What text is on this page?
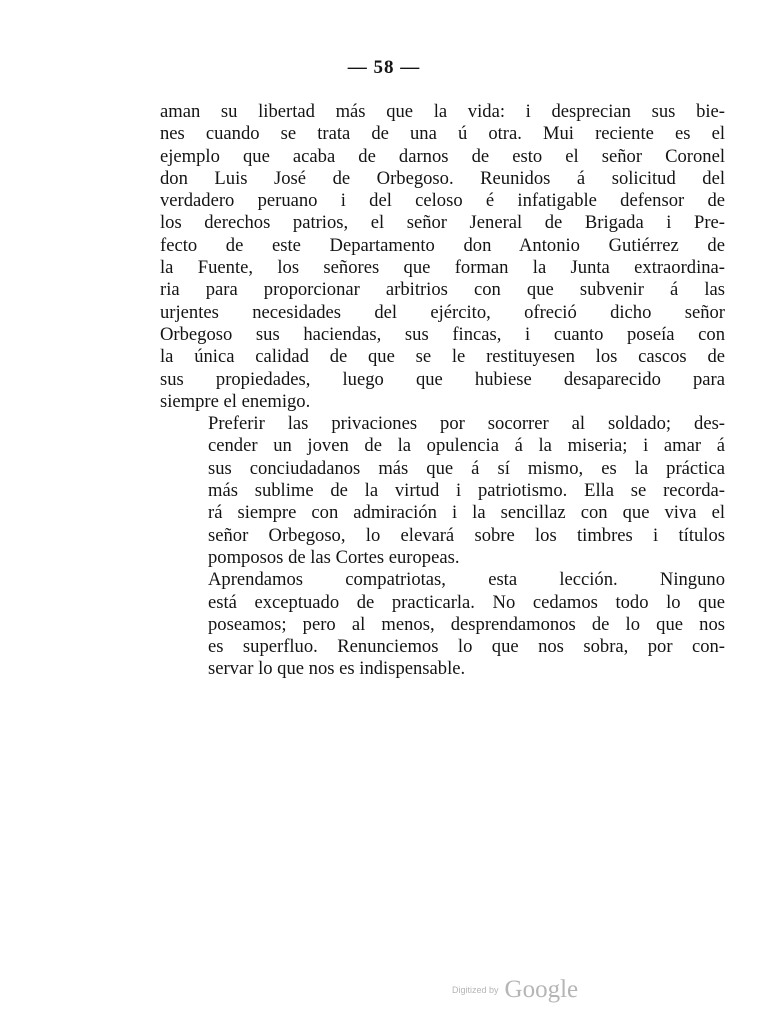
— 58 —

aman su libertad más que la vida: i desprecian sus bie-
nes cuando se trata de una ú otra. Mui reciente es el
ejemplo que acaba de darnos de esto el señor Coronel
don Luis José de Orbegoso. Reunidos á solicitud del
verdadero peruano i del celoso é infatigable defensor de
los derechos patrios, el señor Jeneral de Brigada i Pre-
fecto de este Departamento don Antonio Gutiérrez de
la Fuente, los señores que forman la Junta extraordina-
ria para proporcionar arbitrios con que subvenir á las
urjentes necesidades del ejército, ofreció dicho señor
Orbegoso sus haciendas, sus fincas, i cuanto poseía con
la única calidad de que se le restituyesen los cascos de
sus propiedades, luego que hubiese desaparecido para
siempre el enemigo.

Preferir las privaciones por socorrer al soldado; des-
cender un joven de la opulencia á la miseria; i amar á
sus conciudadanos más que á sí mismo, es la práctica
más sublime de la virtud i patriotismo. Ella se recorda-
rá siempre con admiración i la sencillaz con que viva el
señor Orbegoso, lo elevará sobre los timbres i títulos
pomposos de las Cortes europeas.

Aprendamos compatriotas, esta lección. Ninguno
está exceptuado de practicarla. No cedamos todo lo que
poseamos; pero al menos, desprendamonos de lo que nos
es superfluo. Renunciemos lo que nos sobra, por con-
servar lo que nos es indispensable.

Digitized by Google
